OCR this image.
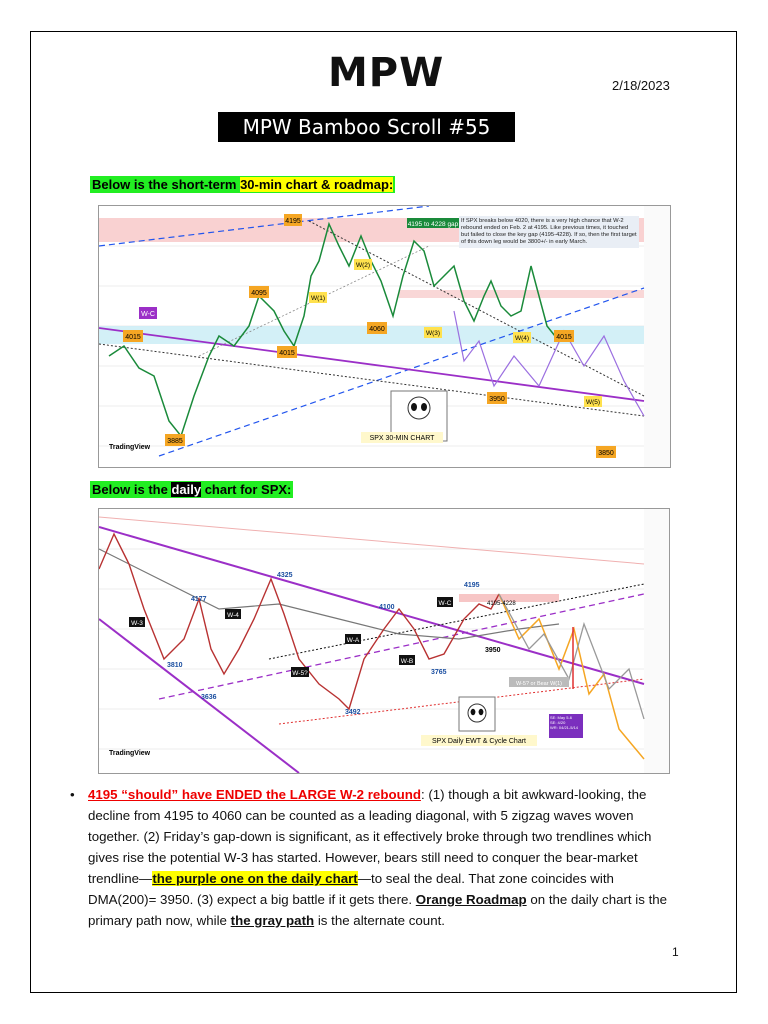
MPW	2/18/2023
MPW Bamboo Scroll #55 (2/18)
Below is the short-term 30-min chart & roadmap:
4195
4095
4015
4015
4015
3885
4060
3950
3850
W-C
W(1)
W(2)
W(3)
W(4)
W(5)
4195 to 4228 gap If SPX breaks below 4020, there is a very high chance that W-2 rebound ended on Feb. 2 at 4195. Like previous times, it touched but failed to close the key gap (4195-4228). If so, then the first target of this down leg would be 3800+/- in early March.
SPX 30-MIN CHART
TradingView
Below is the daily chart for SPX:
4325
4177
4100
4195
4195-4228
3950
3810
3636
3492
3765
W-3
W-4
W-5?
W-A
W-B
W-C
W-5? or Bear W(1)
SE: May 5-6
SE: 4/20
WR: 04/21-5/14
SPX Daily EWT & Cycle Chart
TradingView
• 4195 “should” have ENDED the LARGE W-2 rebound: (1) though a bit awkward-looking, the decline from 4195 to 4060 can be counted as a leading diagonal, with 5 zigzag waves woven together. (2) Friday’s gap-down is significant, as it effectively broke through two trendlines which gives rise the potential W-3 has started. However, bears still need to conquer the bear-market trendline—the purple one on the daily chart—to seal the deal. That zone coincides with DMA(200)= 3950. (3) expect a big battle if it gets there. Orange Roadmap on the daily chart is the primary path now, while the gray path is the alternate count.
1
